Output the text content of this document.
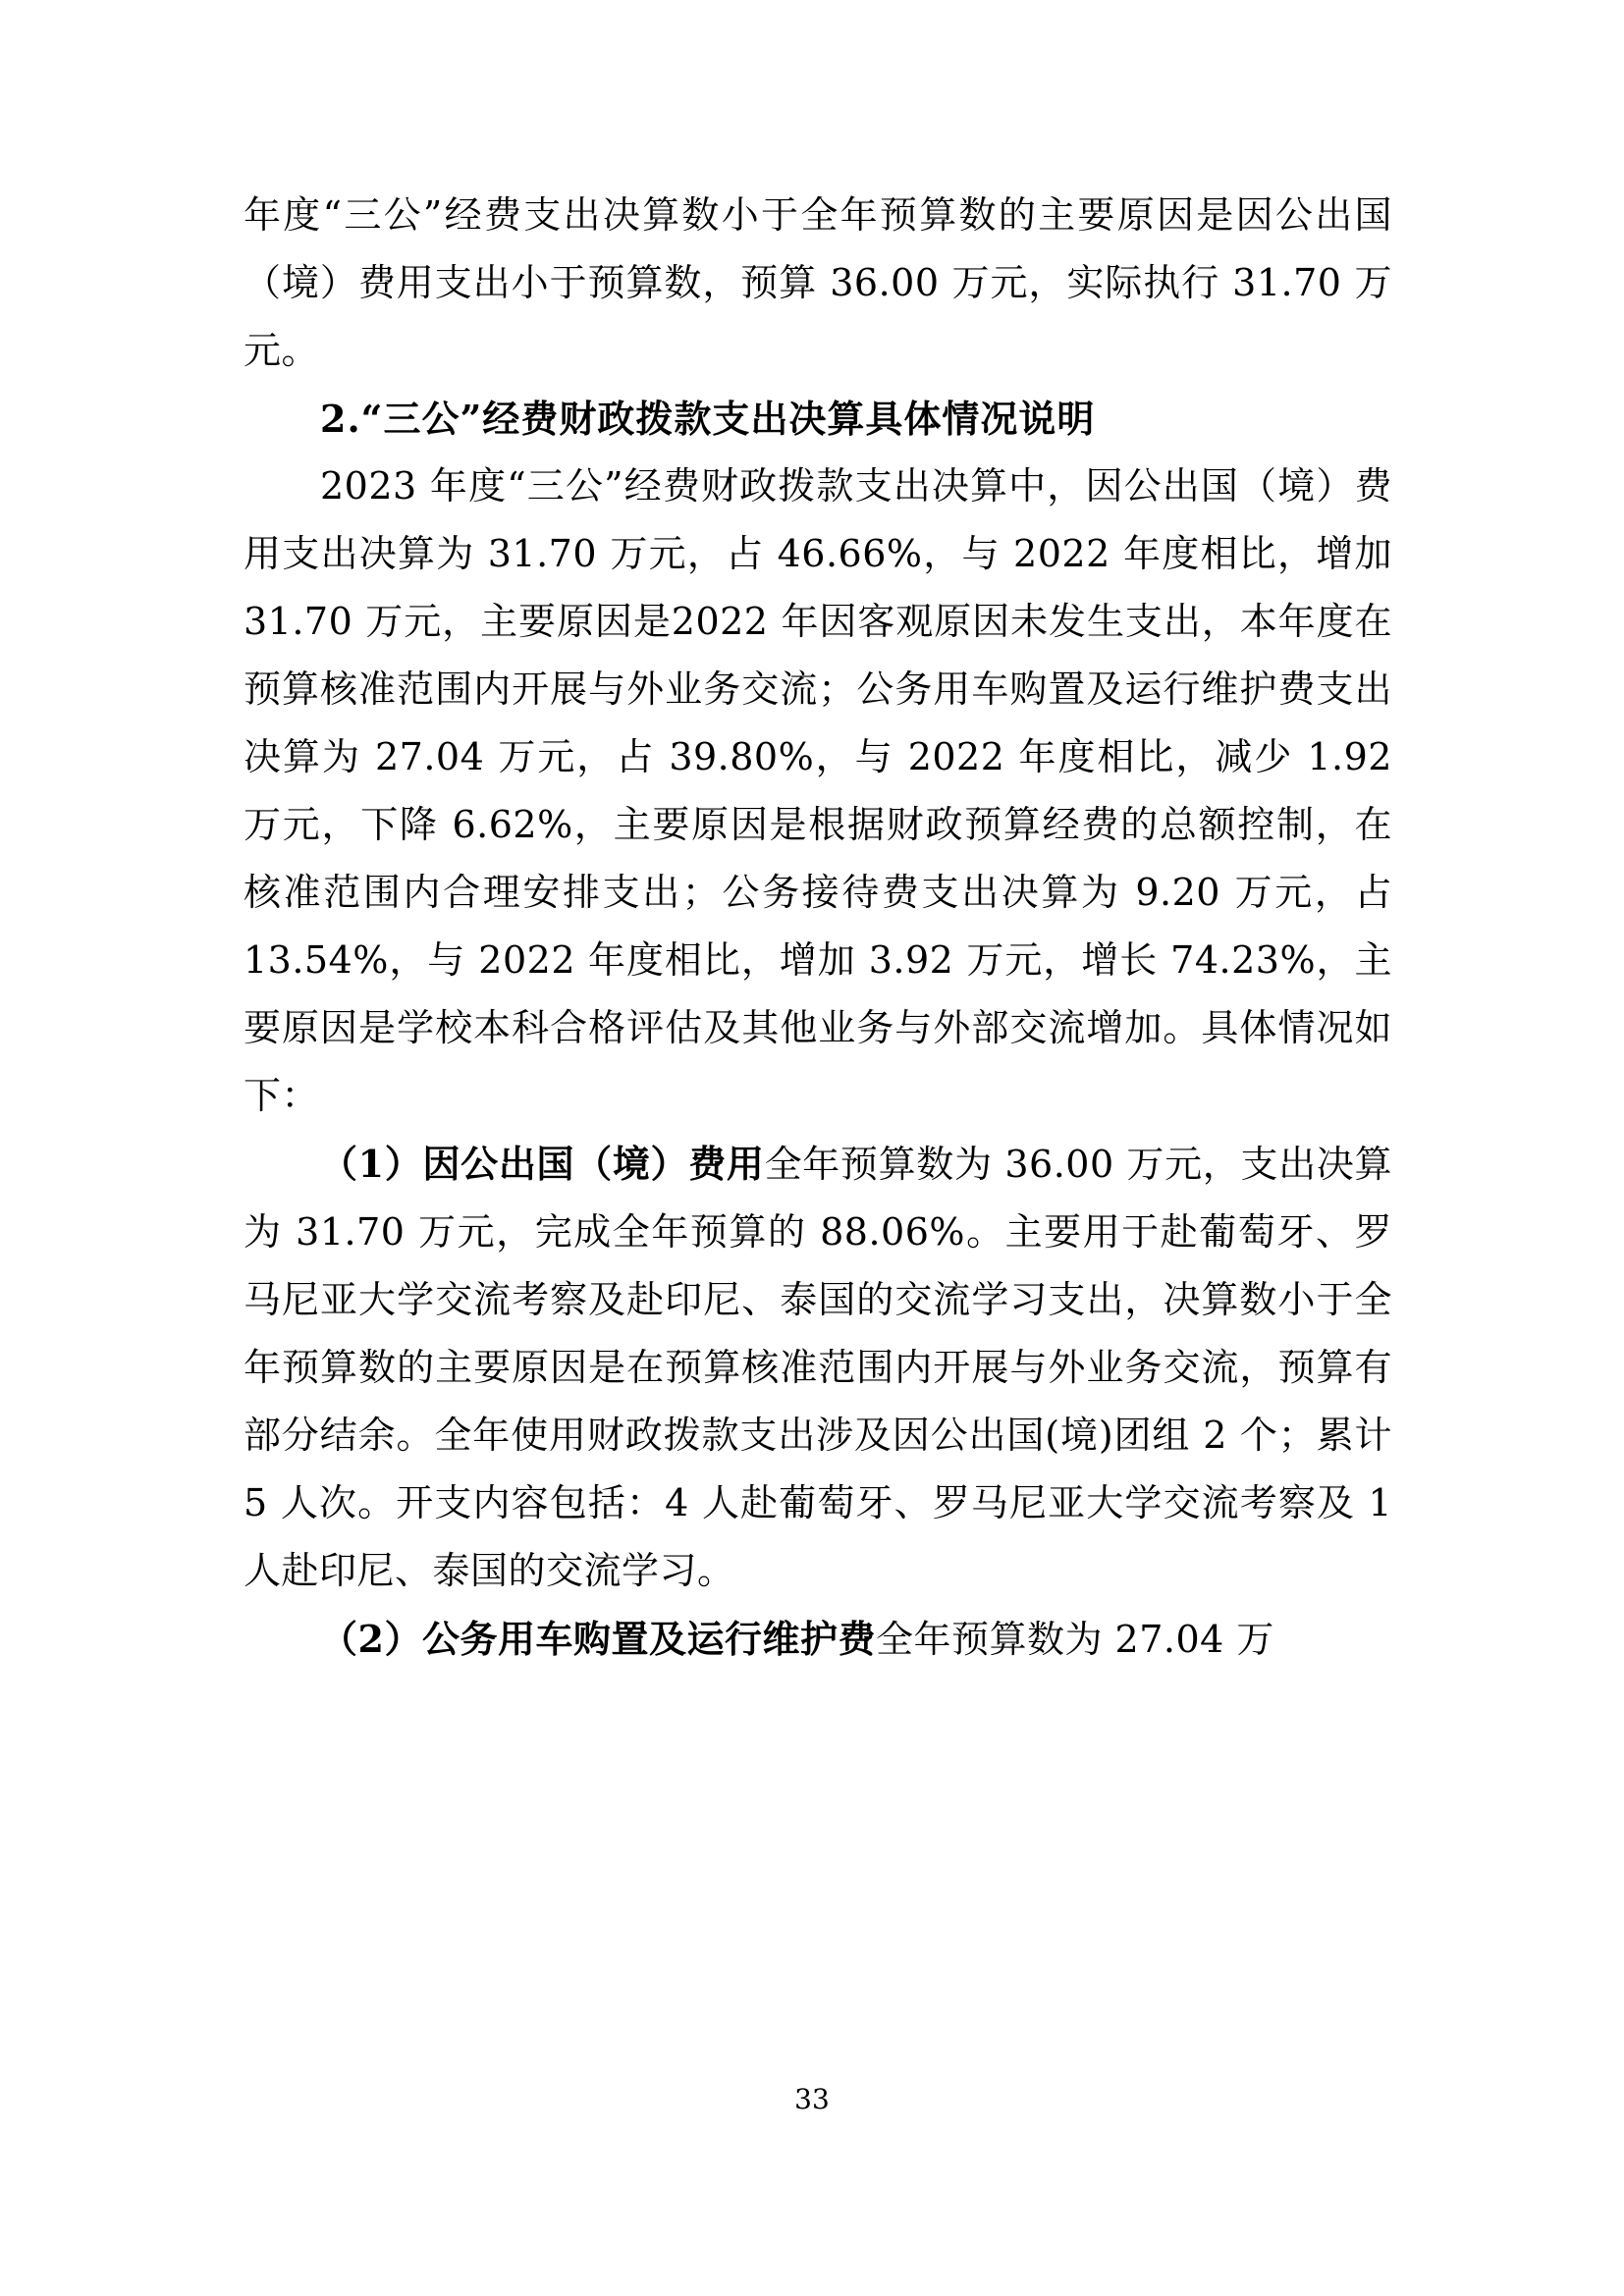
年度“三公”经费支出决算数小于全年预算数的主要原因是因公出国（境）费用支出小于预算数，预算 36.00 万元，实际执行 31.70 万元。

2.“三公”经费财政拨款支出决算具体情况说明

2023 年度“三公”经费财政拨款支出决算中，因公出国（境）费用支出决算为 31.70 万元，占 46.66%，与 2022 年度相比，增加 31.70 万元，主要原因是2022 年因客观原因未发生支出，本年度在预算核准范围内开展与外业务交流；公务用车购置及运行维护费支出决算为 27.04 万元，占 39.80%，与 2022 年度相比，减少 1.92 万元，下降 6.62%，主要原因是根据财政预算经费的总额控制，在核准范围内合理安排支出；公务接待费支出决算为 9.20 万元，占 13.54%，与 2022 年度相比，增加 3.92 万元，增长 74.23%，主要原因是学校本科合格评估及其他业务与外部交流增加。具体情况如下：

（1）因公出国（境）费用全年预算数为 36.00 万元，支出决算为 31.70 万元，完成全年预算的 88.06%。主要用于赴葡萄牙、罗马尼亚大学交流考察及赴印尼、泰国的交流学习支出，决算数小于全年预算数的主要原因是在预算核准范围内开展与外业务交流，预算有部分结余。全年使用财政拨款支出涉及因公出国(境)团组 2 个；累计 5 人次。开支内容包括：4 人赴葡萄牙、罗马尼亚大学交流考察及 1 人赴印尼、泰国的交流学习。

（2）公务用车购置及运行维护费全年预算数为 27.04 万

33
